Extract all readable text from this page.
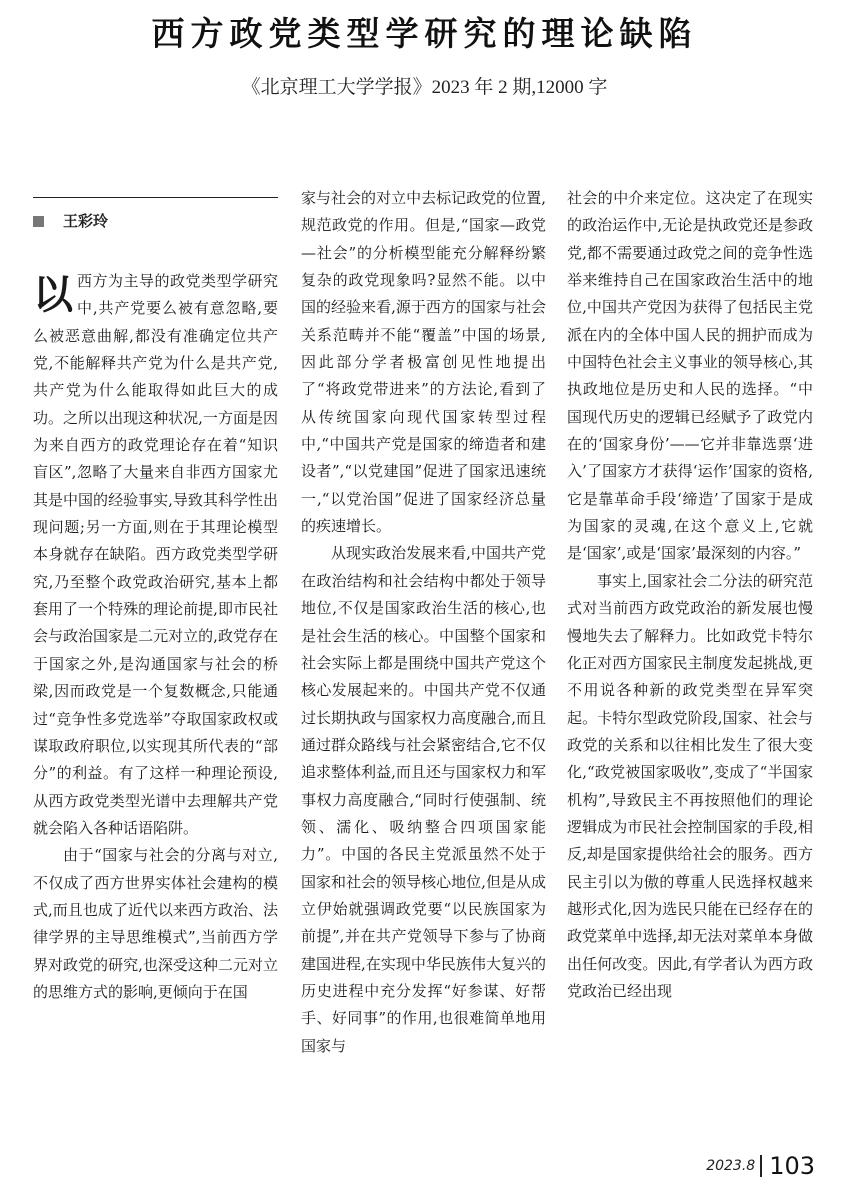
西方政党类型学研究的理论缺陷
《北京理工大学学报》2023 年 2 期,12000 字
王彩玲

以西方为主导的政党类型学研究中,共产党要么被有意忽略,要么被恶意曲解,都没有准确定位共产党,不能解释共产党为什么是共产党,共产党为什么能取得如此巨大的成功。之所以出现这种状况,一方面是因为来自西方的政党理论存在着“知识盲区”,忽略了大量来自非西方国家尤其是中国的经验事实,导致其科学性出现问题;另一方面,则在于其理论模型本身就存在缺陷。西方政党类型学研究,乃至整个政党政治研究,基本上都套用了一个特殊的理论前提,即市民社会与政治国家是二元对立的,政党存在于国家之外,是沟通国家与社会的桥梁,因而政党是一个复数概念,只能通过“竞争性多党选举”夺取国家政权或谋取政府职位,以实现其所代表的“部分”的利益。有了这样一种理论预设,从西方政党类型光谱中去理解共产党就会陷入各种话语陷阱。

由于“国家与社会的分离与对立,不仅成了西方世界实体社会建构的模式,而且也成了近代以来西方政治、法律学界的主导思维模式”,当前西方学界对政党的研究,也深受这种二元对立的思维方式的影响,更倾向于在国

家与社会的对立中去标记政党的位置,规范政党的作用。但是,“国家—政党—社会”的分析模型能充分解释纷繁复杂的政党现象吗?显然不能。以中国的经验来看,源于西方的国家与社会关系范畴并不能“覆盖”中国的场景,因此部分学者极富创见性地提出了“将政党带进来”的方法论,看到了从传统国家向现代国家转型过程中,“中国共产党是国家的缔造者和建设者”,“以党建国”促进了国家迅速统一,“以党治国”促进了国家经济总量的疾速增长。

从现实政治发展来看,中国共产党在政治结构和社会结构中都处于领导地位,不仅是国家政治生活的核心,也是社会生活的核心。中国整个国家和社会实际上都是围绕中国共产党这个核心发展起来的。中国共产党不仅通过长期执政与国家权力高度融合,而且通过群众路线与社会紧密结合,它不仅追求整体利益,而且还与国家权力和军事权力高度融合,“同时行使强制、统领、濡化、吸纳整合四项国家能力”。中国的各民主党派虽然不处于国家和社会的领导核心地位,但是从成立伊始就强调政党要“以民族国家为前提”,并在共产党领导下参与了协商建国进程,在实现中华民族伟大复兴的历史进程中充分发挥“好参谋、好帮手、好同事”的作用,也很难简单地用国家与

社会的中介来定位。这决定了在现实的政治运作中,无论是执政党还是参政党,都不需要通过政党之间的竞争性选举来维持自己在国家政治生活中的地位,中国共产党因为获得了包括民主党派在内的全体中国人民的拥护而成为中国特色社会主义事业的领导核心,其执政地位是历史和人民的选择。“中国现代历史的逻辑已经赋予了政党内在的‘国家身份’——它并非靠选票‘进入’了国家方才获得‘运作’国家的资格,它是靠革命手段‘缔造’了国家于是成为国家的灵魂,在这个意义上,它就是‘国家’,或是‘国家’最深刻的内容。”

事实上,国家社会二分法的研究范式对当前西方政党政治的新发展也慢慢地失去了解释力。比如政党卡特尔化正对西方国家民主制度发起挑战,更不用说各种新的政党类型在异军突起。卡特尔型政党阶段,国家、社会与政党的关系和以往相比发生了很大变化,“政党被国家吸收”,变成了“半国家机构”,导致民主不再按照他们的理论逻辑成为市民社会控制国家的手段,相反,却是国家提供给社会的服务。西方民主引以为傲的尊重人民选择权越来越形式化,因为选民只能在已经存在的政党菜单中选择,却无法对菜单本身做出任何改变。因此,有学者认为西方政党政治已经出现

2023.8 103
